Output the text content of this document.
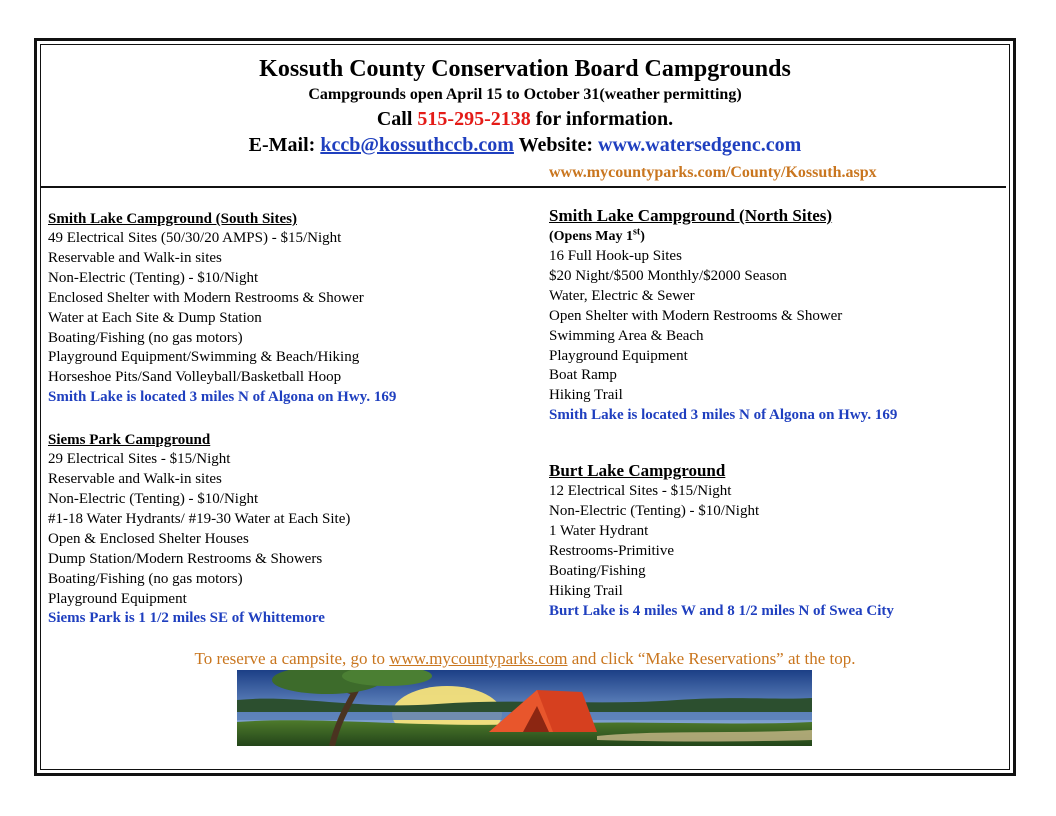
Kossuth County Conservation Board Campgrounds

Campgrounds open April 15 to October 31(weather permitting)

Call 515-295-2138 for information.

E-Mail: kccb@kossuthccb.com Website: www.watersedgenc.com

www.mycountyparks.com/County/Kossuth.aspx

Smith Lake Campground (South Sites)

49 Electrical Sites (50/30/20 AMPS) - $15/Night

Reservable and Walk-in sites

Non-Electric (Tenting) - $10/Night

Enclosed Shelter with Modern Restrooms & Shower

Water at Each Site & Dump Station

Boating/Fishing (no gas motors)

Playground Equipment/Swimming & Beach/Hiking

Horseshoe Pits/Sand Volleyball/Basketball Hoop

Smith Lake is located 3 miles N of Algona on Hwy. 169

Siems Park Campground

29 Electrical Sites - $15/Night

Reservable and Walk-in sites

Non-Electric (Tenting) - $10/Night

#1-18 Water Hydrants/ #19-30 Water at Each Site)

Open & Enclosed Shelter Houses

Dump Station/Modern Restrooms & Showers

Boating/Fishing (no gas motors)

Playground Equipment

Siems Park is 1 1/2 miles SE of Whittemore

Smith Lake Campground (North Sites)

(Opens May 1st)

16 Full Hook-up Sites

$20 Night/$500 Monthly/$2000 Season

Water, Electric & Sewer

Open Shelter with Modern Restrooms & Shower

Swimming Area & Beach

Playground Equipment

Boat Ramp

Hiking Trail

Smith Lake is located 3 miles N of Algona on Hwy. 169

Burt Lake Campground

12 Electrical Sites - $15/Night

Non-Electric (Tenting) - $10/Night

1 Water Hydrant

Restrooms-Primitive

Boating/Fishing

Hiking Trail

Burt Lake is 4 miles W and 8 1/2 miles N of Swea City

To reserve a campsite, go to www.mycountyparks.com and click “Make Reservations” at the top.
